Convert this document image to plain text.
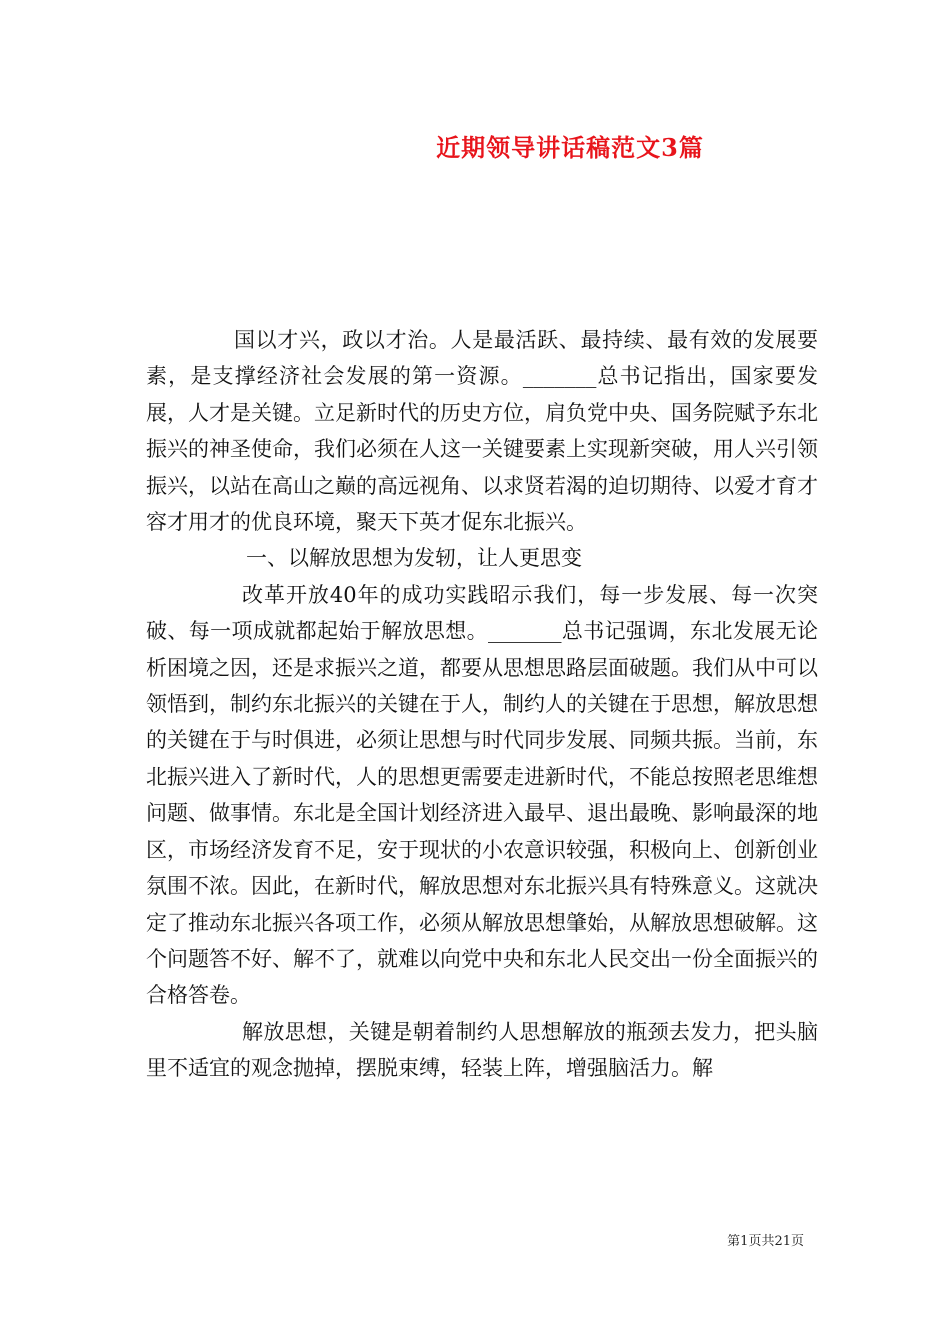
近期领导讲话稿范文3篇

国以才兴，政以才治。人是最活跃、最持续、最有效的发展要素，是支撑经济社会发展的第一资源。_______总书记指出，国家要发展，人才是关键。立足新时代的历史方位，肩负党中央、国务院赋予东北振兴的神圣使命，我们必须在人这一关键要素上实现新突破，用人兴引领振兴，以站在高山之巅的高远视角、以求贤若渴的迫切期待、以爱才育才容才用才的优良环境，聚天下英才促东北振兴。

一、以解放思想为发轫，让人更思变

改革开放40年的成功实践昭示我们，每一步发展、每一次突破、每一项成就都起始于解放思想。_______总书记强调，东北发展无论析困境之因，还是求振兴之道，都要从思想思路层面破题。我们从中可以领悟到，制约东北振兴的关键在于人，制约人的关键在于思想，解放思想的关键在于与时俱进，必须让思想与时代同步发展、同频共振。当前，东北振兴进入了新时代，人的思想更需要走进新时代，不能总按照老思维想问题、做事情。东北是全国计划经济进入最早、退出最晚、影响最深的地区，市场经济发育不足，安于现状的小农意识较强，积极向上、创新创业氛围不浓。因此，在新时代，解放思想对东北振兴具有特殊意义。这就决定了推动东北振兴各项工作，必须从解放思想肇始，从解放思想破解。这个问题答不好、解不了，就难以向党中央和东北人民交出一份全面振兴的合格答卷。

解放思想，关键是朝着制约人思想解放的瓶颈去发力，把头脑里不适宜的观念抛掉，摆脱束缚，轻装上阵，增强脑活力。解

第1页共21页
